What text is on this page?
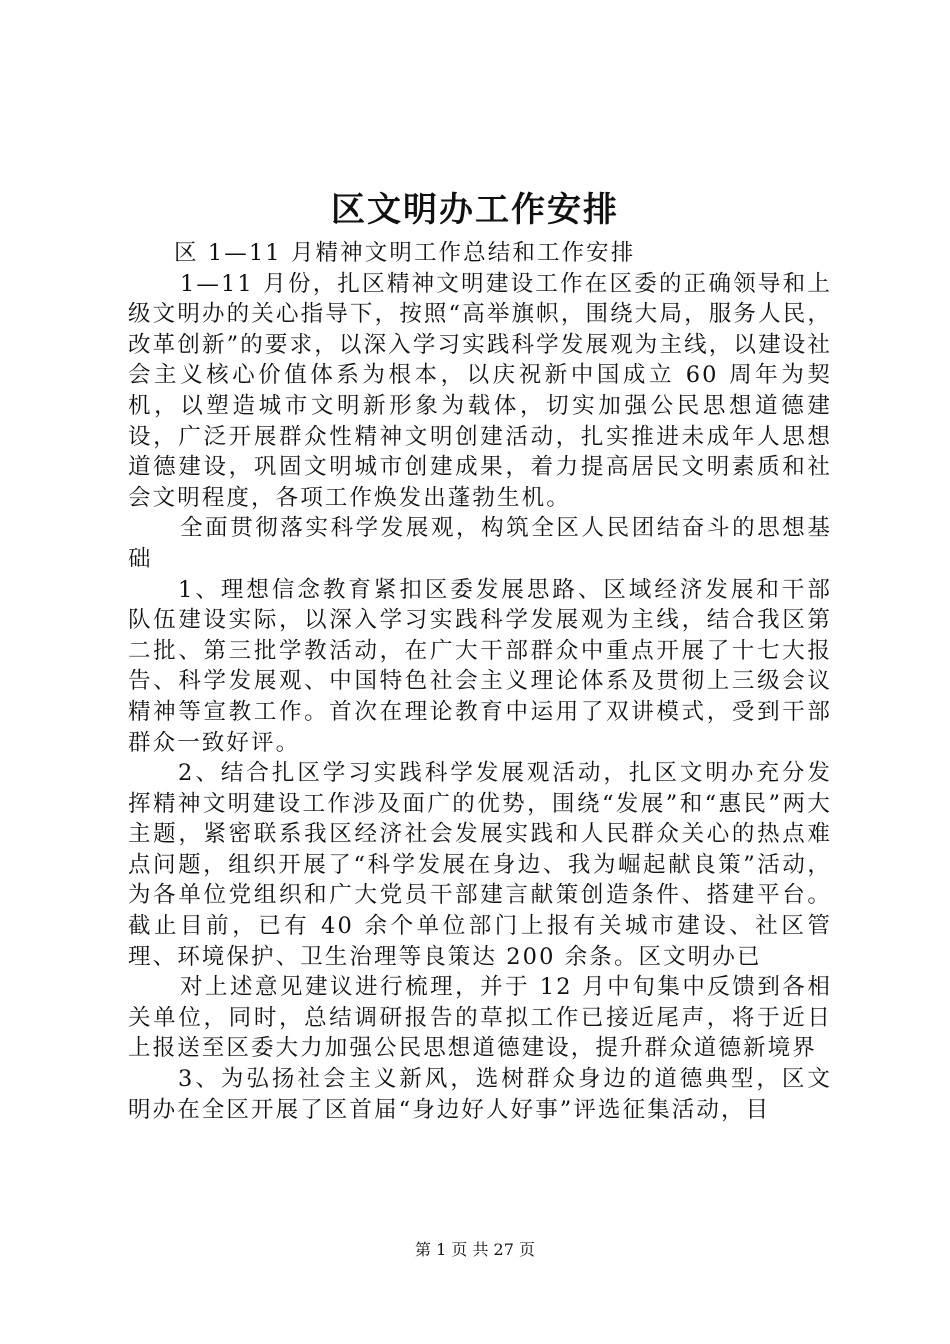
区文明办工作安排

区 1—11 月精神文明工作总结和工作安排

1—11 月份，扎区精神文明建设工作在区委的正确领导和上级文明办的关心指导下，按照“高举旗帜，围绕大局，服务人民，改革创新”的要求，以深入学习实践科学发展观为主线，以建设社会主义核心价值体系为根本，以庆祝新中国成立 60 周年为契机，以塑造城市文明新形象为载体，切实加强公民思想道德建设，广泛开展群众性精神文明创建活动，扎实推进未成年人思想道德建设，巩固文明城市创建成果，着力提高居民文明素质和社会文明程度，各项工作焕发出蓬勃生机。

全面贯彻落实科学发展观，构筑全区人民团结奋斗的思想基础

1、理想信念教育紧扣区委发展思路、区域经济发展和干部队伍建设实际，以深入学习实践科学发展观为主线，结合我区第二批、第三批学教活动，在广大干部群众中重点开展了十七大报告、科学发展观、中国特色社会主义理论体系及贯彻上三级会议精神等宣教工作。首次在理论教育中运用了双讲模式，受到干部群众一致好评。

2、结合扎区学习实践科学发展观活动，扎区文明办充分发挥精神文明建设工作涉及面广的优势，围绕“发展”和“惠民”两大主题，紧密联系我区经济社会发展实践和人民群众关心的热点难点问题，组织开展了“科学发展在身边、我为崛起献良策”活动，为各单位党组织和广大党员干部建言献策创造条件、搭建平台。截止目前，已有 40 余个单位部门上报有关城市建设、社区管理、环境保护、卫生治理等良策达 200 余条。区文明办已

对上述意见建议进行梳理，并于 12 月中旬集中反馈到各相关单位，同时，总结调研报告的草拟工作已接近尾声，将于近日上报送至区委大力加强公民思想道德建设，提升群众道德新境界

3、为弘扬社会主义新风，选树群众身边的道德典型，区文明办在全区开展了区首届“身边好人好事”评选征集活动，目

第 1 页 共 27 页
